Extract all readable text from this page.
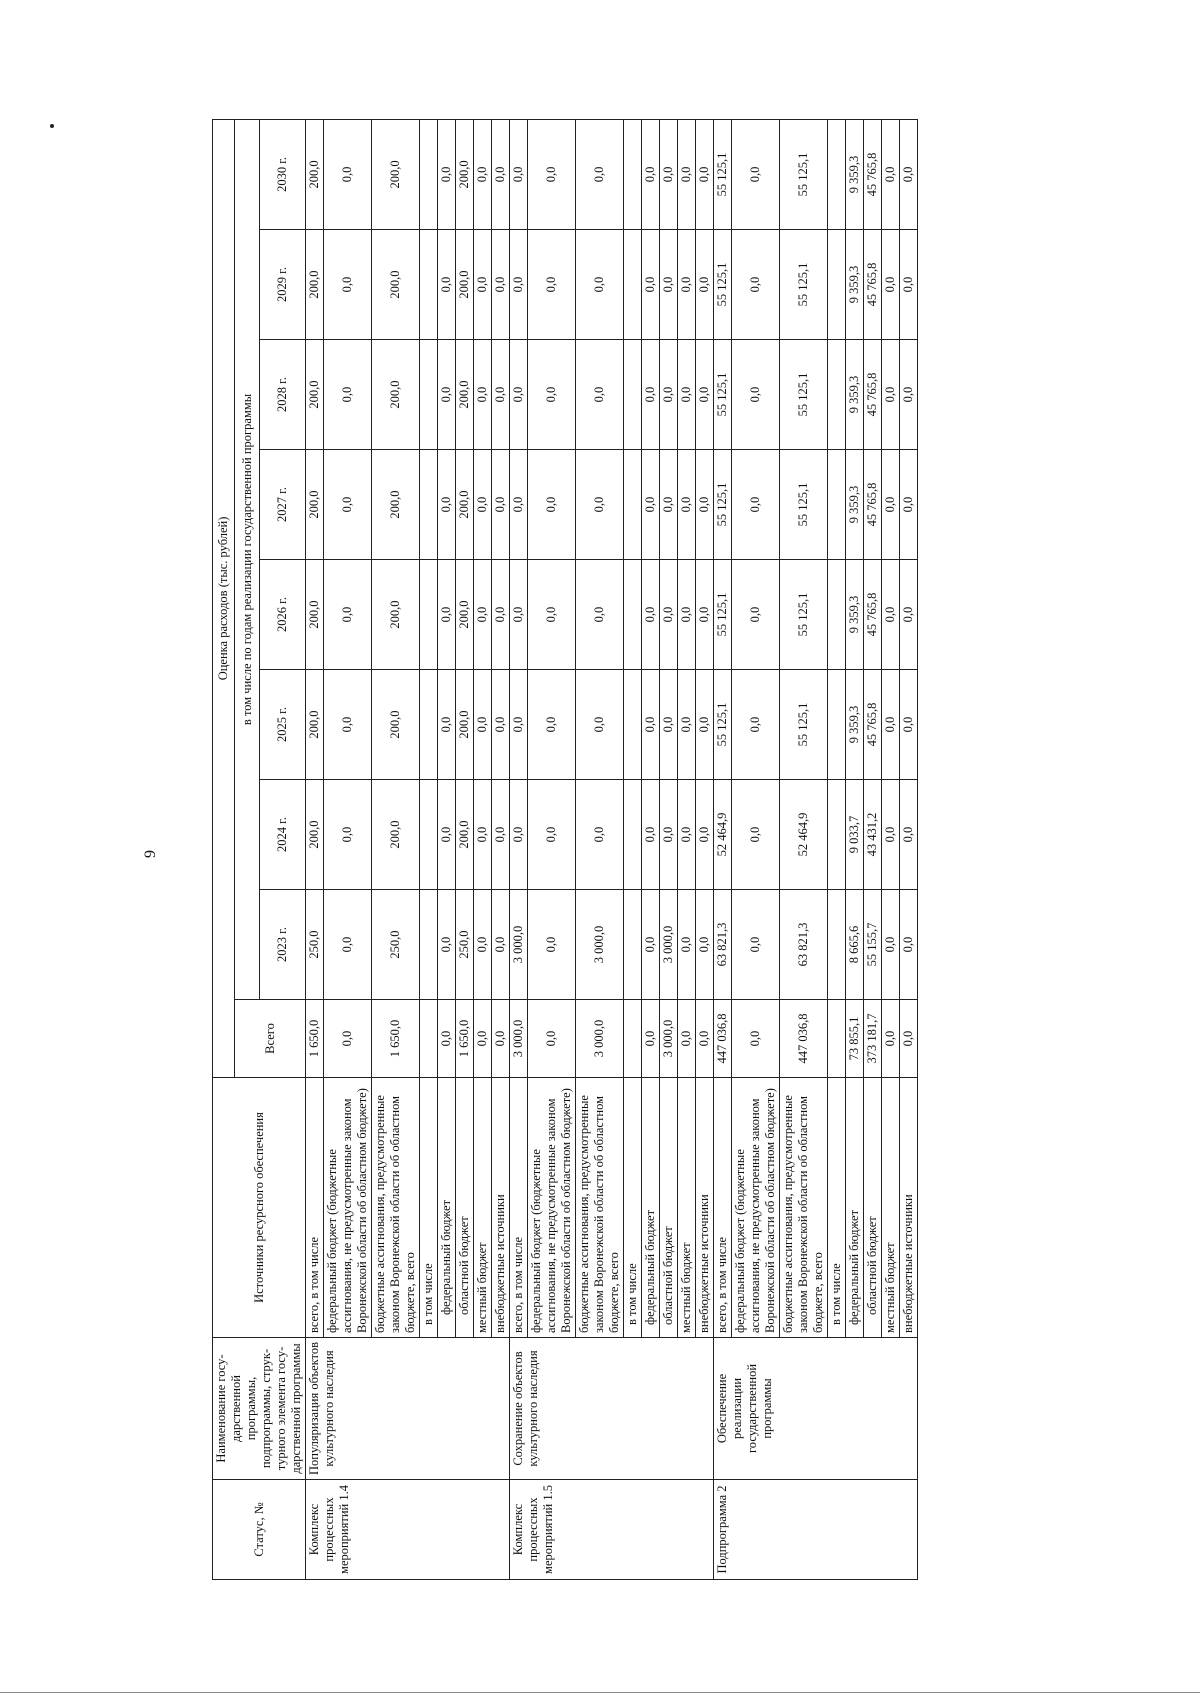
9
Статус, №	Наименование госу-дарственной программы, подпрограммы, струк-турного элемента госу-дарственной программы	Источники ресурсного обеспечения	Оценка расходов (тыс. рублей)								
			Всего	в том числе по годам реализации государственной программы							
				2023 г.	2024 г.	2025 г.	2026 г.	2027 г.	2028 г.	2029 г.	2030 г.
Комплекс процессных мероприятий 1.4	Популяризация объектов культурного наследия	всего, в том числе	1 650,0	250,0	200,0	200,0	200,0	200,0	200,0	200,0	200,0
		федеральный бюджет (бюджетные ассигнования, не предусмотренные законом Воронежской области об областном бюджете)	0,0	0,0	0,0	0,0	0,0	0,0	0,0	0,0	0,0
		бюджетные ассигнования, предусмотренные законом Воронежской области об областном бюджете, всего	1 650,0	250,0	200,0	200,0	200,0	200,0	200,0	200,0	200,0
		в том числе									
		федеральный бюджет	0,0	0,0	0,0	0,0	0,0	0,0	0,0	0,0	0,0
		областной бюджет	1 650,0	250,0	200,0	200,0	200,0	200,0	200,0	200,0	200,0
		местный бюджет	0,0	0,0	0,0	0,0	0,0	0,0	0,0	0,0	0,0
		внебюджетные источники	0,0	0,0	0,0	0,0	0,0	0,0	0,0	0,0	0,0
Комплекс процессных мероприятий 1.5	Сохранение объектов культурного наследия	всего, в том числе	3 000,0	3 000,0	0,0	0,0	0,0	0,0	0,0	0,0	0,0
		федеральный бюджет (бюджетные ассигнования, не предусмотренные законом Воронежской области об областном бюджете)	0,0	0,0	0,0	0,0	0,0	0,0	0,0	0,0	0,0
		бюджетные ассигнования, предусмотренные законом Воронежской области об областном бюджете, всего	3 000,0	3 000,0	0,0	0,0	0,0	0,0	0,0	0,0	0,0
		в том числе									
		федеральный бюджет	0,0	0,0	0,0	0,0	0,0	0,0	0,0	0,0	0,0
		областной бюджет	3 000,0	3 000,0	0,0	0,0	0,0	0,0	0,0	0,0	0,0
		местный бюджет	0,0	0,0	0,0	0,0	0,0	0,0	0,0	0,0	0,0
		внебюджетные источники	0,0	0,0	0,0	0,0	0,0	0,0	0,0	0,0	0,0
Подпрограмма 2	Обеспечение реализации государственной программы	всего, в том числе	447 036,8	63 821,3	52 464,9	55 125,1	55 125,1	55 125,1	55 125,1	55 125,1	55 125,1
		федеральный бюджет (бюджетные ассигнования, не предусмотренные законом Воронежской области об областном бюджете)	0,0	0,0	0,0	0,0	0,0	0,0	0,0	0,0	0,0
		бюджетные ассигнования, предусмотренные законом Воронежской области об областном бюджете, всего	447 036,8	63 821,3	52 464,9	55 125,1	55 125,1	55 125,1	55 125,1	55 125,1	55 125,1
		в том числе									
		федеральный бюджет	73 855,1	8 665,6	9 033,7	9 359,3	9 359,3	9 359,3	9 359,3	9 359,3	9 359,3
		областной бюджет	373 181,7	55 155,7	43 431,2	45 765,8	45 765,8	45 765,8	45 765,8	45 765,8	45 765,8
		местный бюджет	0,0	0,0	0,0	0,0	0,0	0,0	0,0	0,0	0,0
		внебюджетные источники	0,0	0,0	0,0	0,0	0,0	0,0	0,0	0,0	0,0
